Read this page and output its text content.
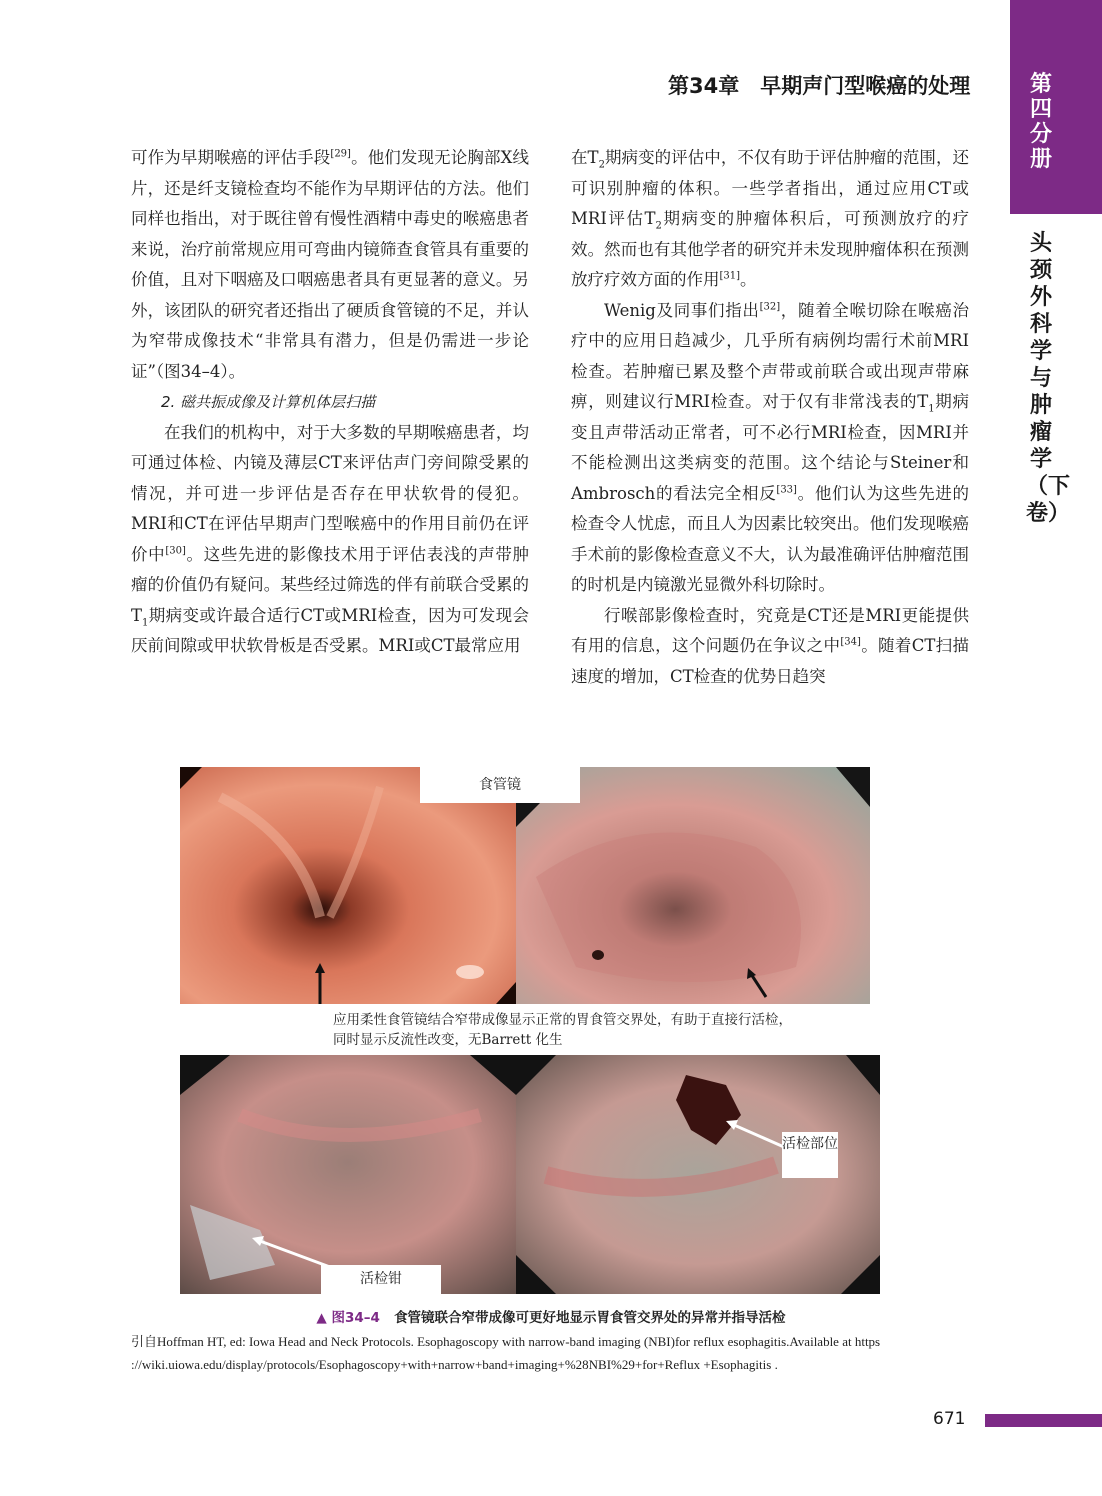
第四分册
头颈外科学与肿瘤学（下卷）
第34章　早期声门型喉癌的处理

可作为早期喉癌的评估手段[29]。他们发现无论胸部X线片，还是纤支镜检查均不能作为早期评估的方法。他们同样也指出，对于既往曾有慢性酒精中毒史的喉癌患者来说，治疗前常规应用可弯曲内镜筛查食管具有重要的价值，且对下咽癌及口咽癌患者具有更显著的意义。另外，该团队的研究者还指出了硬质食管镜的不足，并认为窄带成像技术“非常具有潜力，但是仍需进一步论证”（图34–4）。

2. 磁共振成像及计算机体层扫描

在我们的机构中，对于大多数的早期喉癌患者，均可通过体检、内镜及薄层CT来评估声门旁间隙受累的情况，并可进一步评估是否存在甲状软骨的侵犯。MRI和CT在评估早期声门型喉癌中的作用目前仍在评价中[30]。这些先进的影像技术用于评估表浅的声带肿瘤的价值仍有疑问。某些经过筛选的伴有前联合受累的$T_1$期病变或许最合适行CT或MRI检查，因为可发现会厌前间隙或甲状软骨板是否受累。MRI或CT最常应用

在$T_2$期病变的评估中，不仅有助于评估肿瘤的范围，还可识别肿瘤的体积。一些学者指出，通过应用CT或MRI评估$T_2$期病变的肿瘤体积后，可预测放疗的疗效。然而也有其他学者的研究并未发现肿瘤体积在预测放疗疗效方面的作用[31]。

Wenig及同事们指出[32]，随着全喉切除在喉癌治疗中的应用日趋减少，几乎所有病例均需行术前MRI检查。若肿瘤已累及整个声带或前联合或出现声带麻痹，则建议行MRI检查。对于仅有非常浅表的$T_1$期病变且声带活动正常者，可不必行MRI检查，因MRI并不能检测出这类病变的范围。这个结论与Steiner和Ambrosch的看法完全相反[33]。他们认为这些先进的检查令人忧虑，而且人为因素比较突出。他们发现喉癌手术前的影像检查意义不大，认为最准确评估肿瘤范围的时机是内镜激光显微外科切除时。

行喉部影像检查时，究竟是CT还是MRI更能提供有用的信息，这个问题仍在争议之中[34]。随着CT扫描速度的增加，CT检查的优势日趋突

食管镜
活检部位
活检钳
应用柔性食管镜结合窄带成像显示正常的胃食管交界处，有助于直接行活检，同时显示反流性改变，无Barrett 化生
▲ 图34–4 食管镜联合窄带成像可更好地显示胃食管交界处的异常并指导活检
引自Hoffman HT, ed: Iowa Head and Neck Protocols. Esophagoscopy with narrow-band imaging (NBI)for reflux esophagitis.Available at https ://wiki.uiowa.edu/display/protocols/Esophagoscopy+with+narrow+band+imaging+%28NBI%29+for+Reflux +Esophagitis .
671
